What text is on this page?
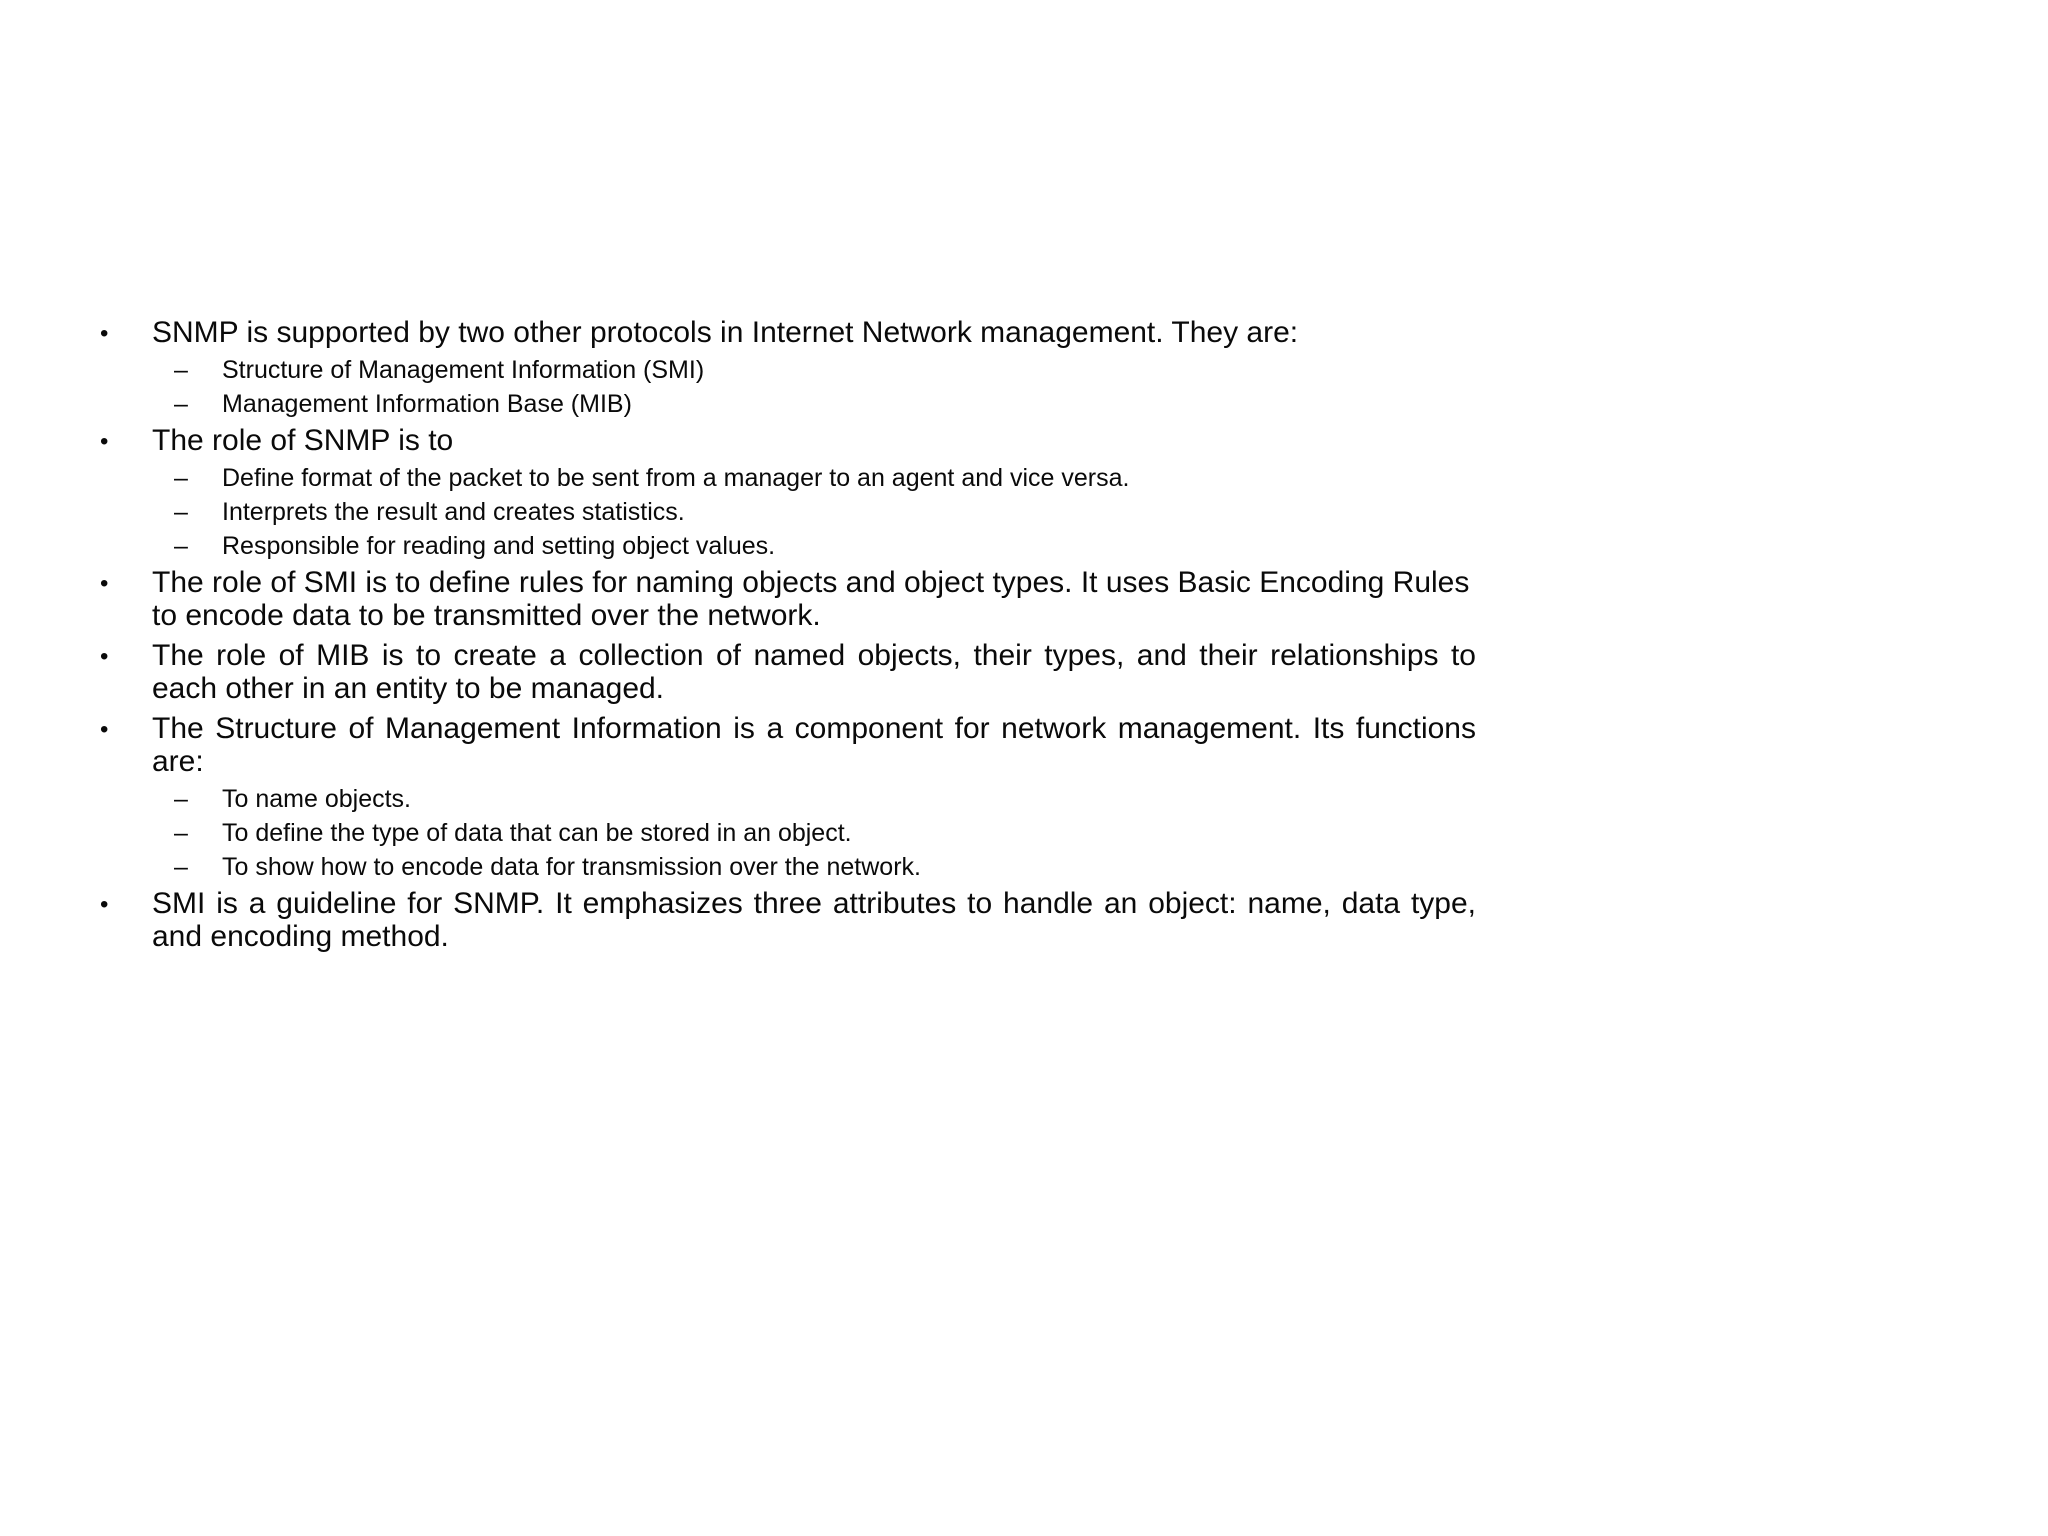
• SNMP is supported by two other protocols in Internet Network management. They are:
– Structure of Management Information (SMI)
– Management Information Base (MIB)
• The role of SNMP is to
– Define format of the packet to be sent from a manager to an agent and vice versa.
– Interprets the result and creates statistics.
– Responsible for reading and setting object values.
• The role of SMI is to define rules for naming objects and object types. It uses Basic Encoding Rules to encode data to be transmitted over the network.
• The role of MIB is to create a collection of named objects, their types, and their relationships to each other in an entity to be managed.
• The Structure of Management Information is a component for network management. Its functions are:
– To name objects.
– To define the type of data that can be stored in an object.
– To show how to encode data for transmission over the network.
• SMI is a guideline for SNMP. It emphasizes three attributes to handle an object: name, data type, and encoding method.
